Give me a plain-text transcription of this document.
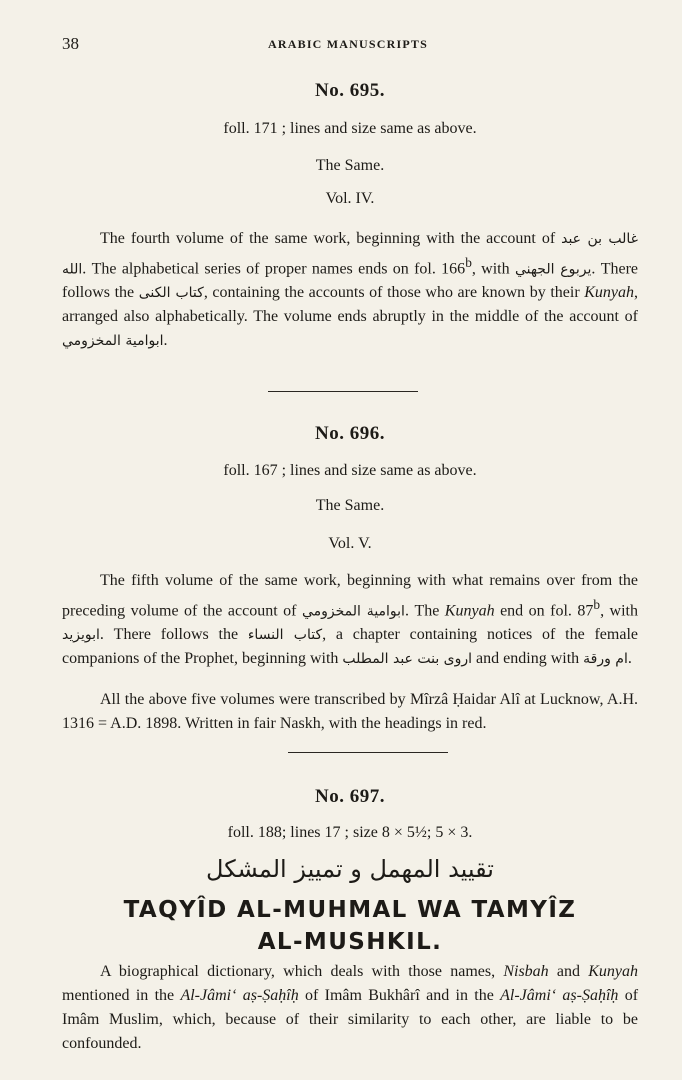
38	ARABIC MANUSCRIPTS
No. 695.
foll. 171 ; lines and size same as above.
The Same.
Vol. IV.
The fourth volume of the same work, beginning with the account of غالب بن عبد الله. The alphabetical series of proper names ends on fol. 166$^b$, with يربوع الجهني. There follows the كتاب الكنى, containing the accounts of those who are known by their Kunyah, arranged also alphabetically. The volume ends abruptly in the middle of the account of ابوامية المخزومي.
No. 696.
foll. 167 ; lines and size same as above.
The Same.
Vol. V.
The fifth volume of the same work, beginning with what remains over from the preceding volume of the account of ابوامية المخزومي. The Kunyah end on fol. 87$^b$, with ابويزيد. There follows the كتاب النساء, a chapter containing notices of the female companions of the Prophet, beginning with اروى بنت عبد المطلب and ending with ام ورقة.
All the above five volumes were transcribed by Mîrzâ Ḥaidar Alî at Lucknow, A.H. 1316 = A.D. 1898. Written in fair Naskh, with the headings in red.
No. 697.
foll. 188; lines 17 ; size 8 × 5½; 5 × 3.
تقييد المهمل و تمييز المشكل
TAQYÎD AL-MUHMAL WA TAMYÎZ
AL-MUSHKIL.
A biographical dictionary, which deals with those names, Nisbah and Kunyah mentioned in the Al-Jâmi‘ aṣ-Ṣaḥîḥ of Imâm Bukhârî and in the Al-Jâmi‘ aṣ-Ṣaḥîḥ of Imâm Muslim, which, because of their similarity to each other, are liable to be confounded.
